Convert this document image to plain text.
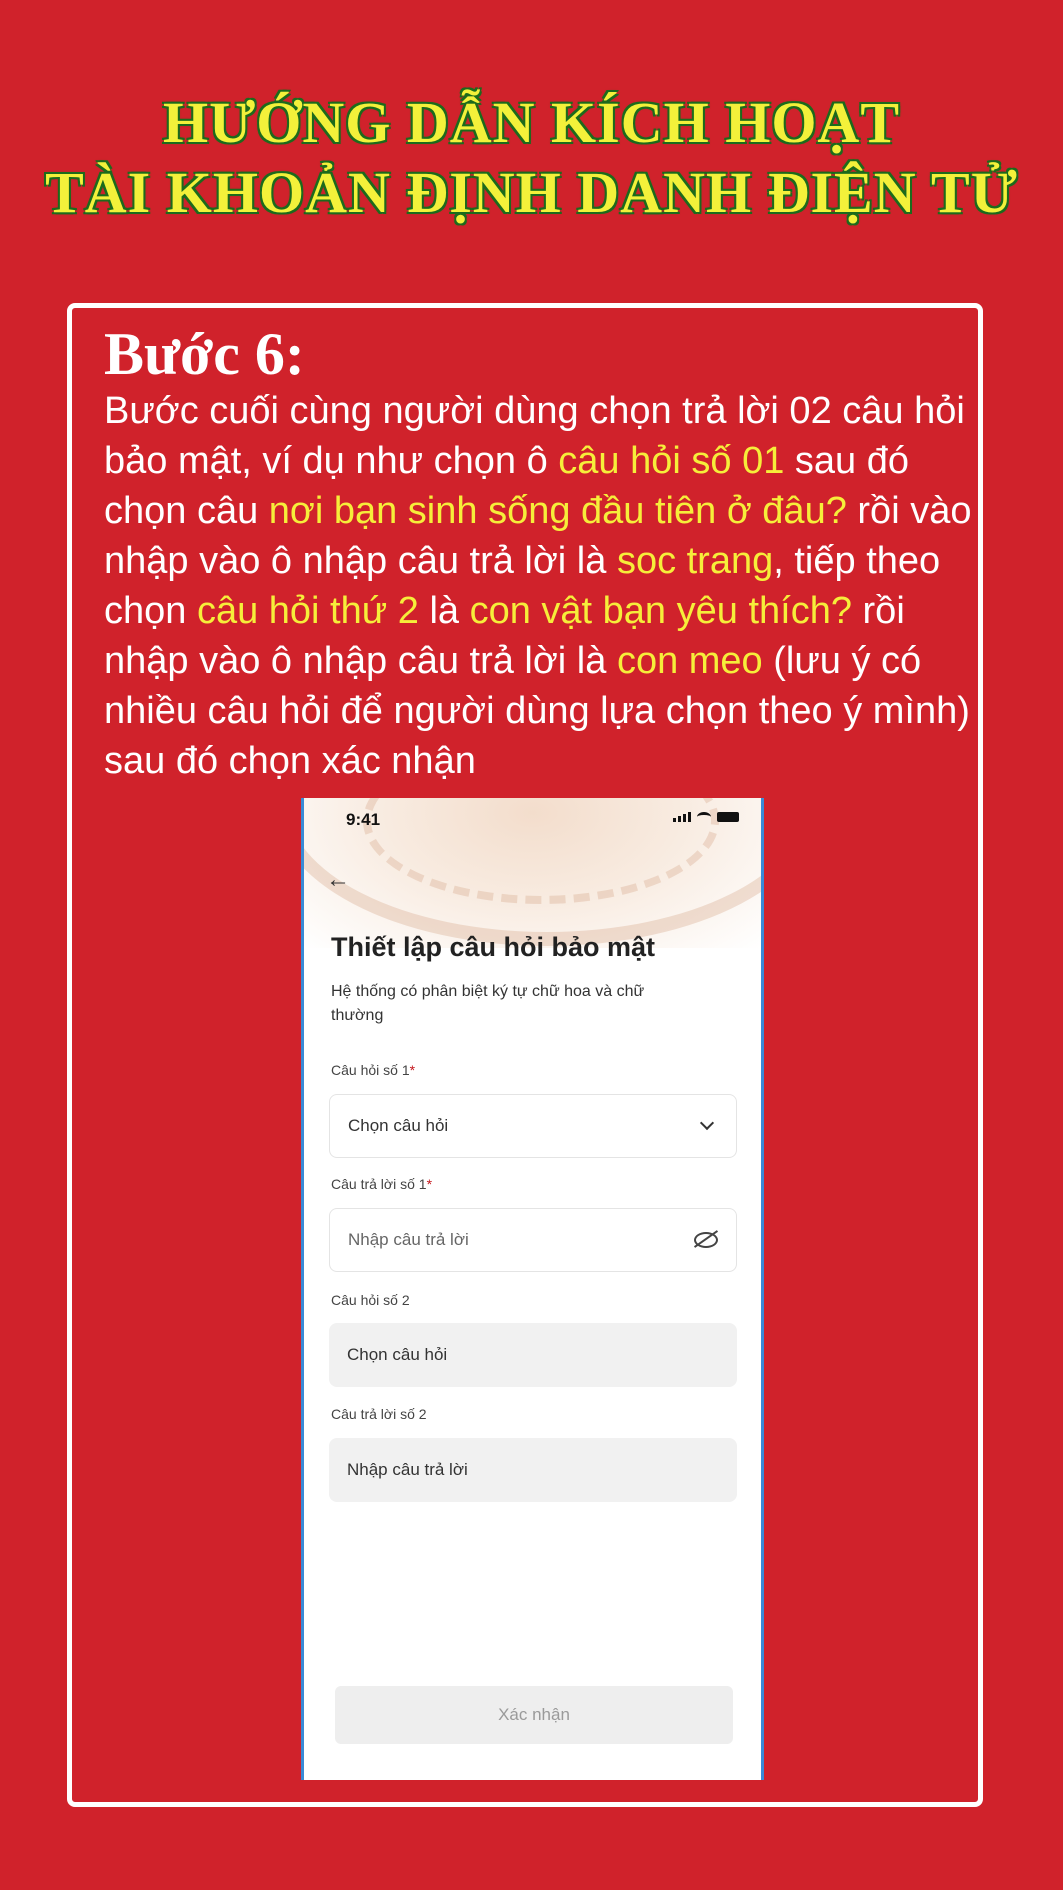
HƯỚNG DẪN KÍCH HOẠT
TÀI KHOẢN ĐỊNH DANH ĐIỆN TỬ
Bước 6:
Bước cuối cùng người dùng chọn trả lời 02 câu hỏi bảo mật, ví dụ như chọn ô câu hỏi số 01 sau đó chọn câu nơi bạn sinh sống đầu tiên ở đâu? rồi vào nhập vào ô nhập câu trả lời là soc trang, tiếp theo chọn câu hỏi thứ 2 là con vật bạn yêu thích? rồi nhập vào ô nhập câu trả lời là con meo (lưu ý có nhiều câu hỏi để người dùng lựa chọn theo ý mình) sau đó chọn xác nhận
9:41
←
Thiết lập câu hỏi bảo mật
Hệ thống có phân biệt ký tự chữ hoa và chữ thường
Câu hỏi số 1*
Chọn câu hỏi
Câu trả lời số 1*
Nhập câu trả lời
Câu hỏi số 2
Chọn câu hỏi
Câu trả lời số 2
Nhập câu trả lời
Xác nhận
